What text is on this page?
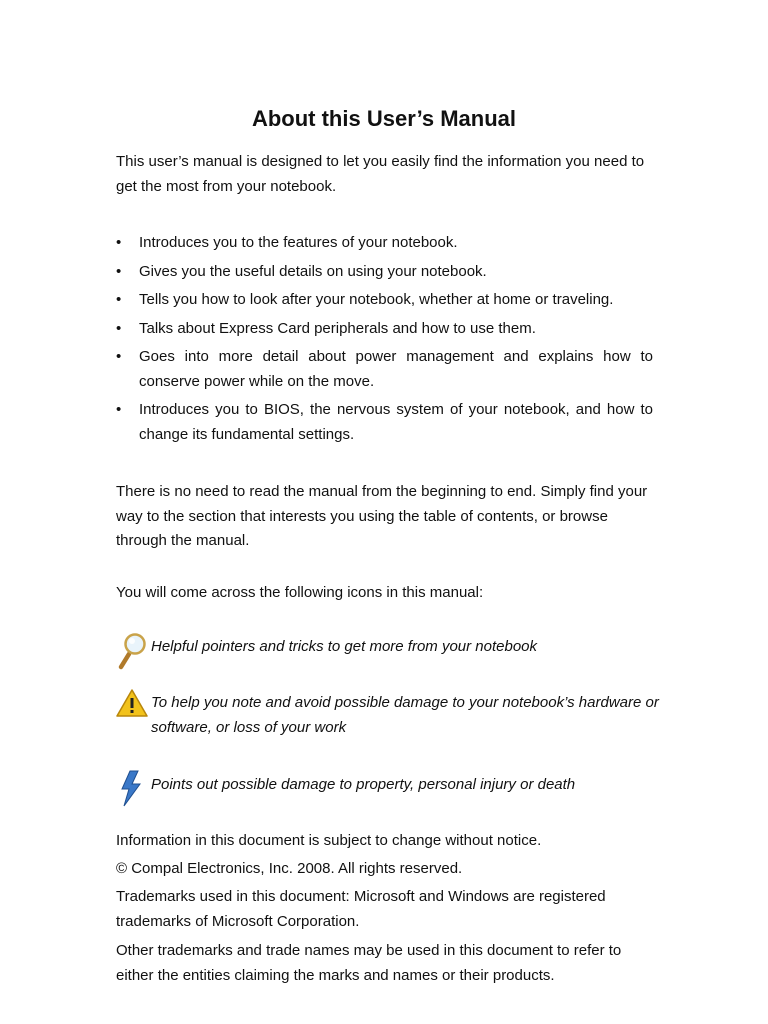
About this User’s Manual

This user’s manual is designed to let you easily find the information you need to get the most from your notebook.

• Introduces you to the features of your notebook.
• Gives you the useful details on using your notebook.
• Tells you how to look after your notebook, whether at home or traveling.
• Talks about Express Card peripherals and how to use them.
• Goes into more detail about power management and explains how to conserve power while on the move.
• Introduces you to BIOS, the nervous system of your notebook, and how to change its fundamental settings.

There is no need to read the manual from the beginning to end. Simply find your way to the section that interests you using the table of contents, or browse through the manual.

You will come across the following icons in this manual:

Helpful pointers and tricks to get more from your notebook
To help you note and avoid possible damage to your notebook’s hardware or software, or loss of your work
Points out possible damage to property, personal injury or death

Information in this document is subject to change without notice.

© Compal Electronics, Inc. 2008. All rights reserved.

Trademarks used in this document: Microsoft and Windows are registered trademarks of Microsoft Corporation.

Other trademarks and trade names may be used in this document to refer to either the entities claiming the marks and names or their products.
